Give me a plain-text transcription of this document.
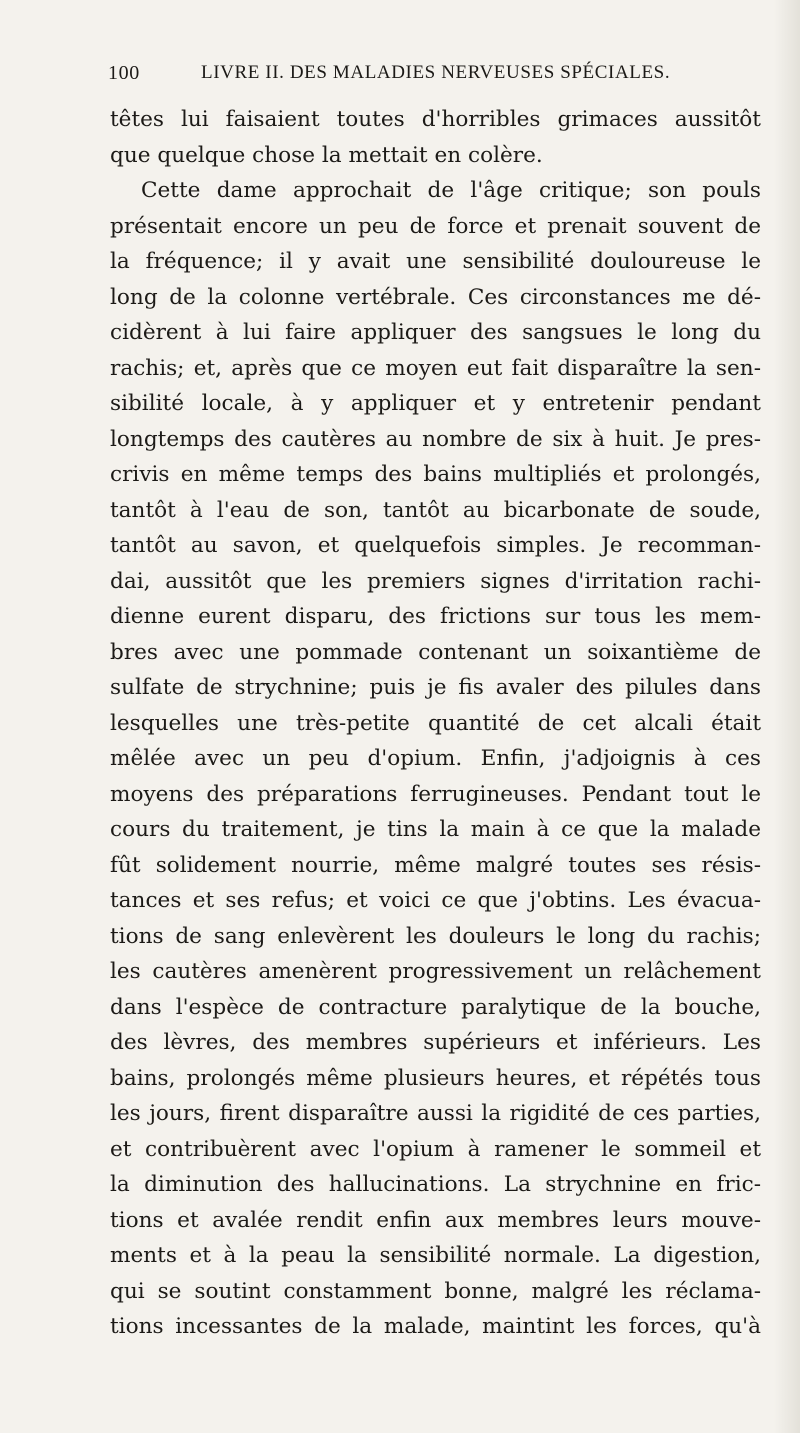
100	LIVRE II. DES MALADIES NERVEUSES SPÉCIALES.
têtes lui faisaient toutes d'horribles grimaces aussitôt
que quelque chose la mettait en colère.
Cette dame approchait de l'âge critique; son pouls
présentait encore un peu de force et prenait souvent de
la fréquence; il y avait une sensibilité douloureuse le
long de la colonne vertébrale. Ces circonstances me dé-
cidèrent à lui faire appliquer des sangsues le long du
rachis; et, après que ce moyen eut fait disparaître la sen-
sibilité locale, à y appliquer et y entretenir pendant
longtemps des cautères au nombre de six à huit. Je pres-
crivis en même temps des bains multipliés et prolongés,
tantôt à l'eau de son, tantôt au bicarbonate de soude,
tantôt au savon, et quelquefois simples. Je recomman-
dai, aussitôt que les premiers signes d'irritation rachi-
dienne eurent disparu, des frictions sur tous les mem-
bres avec une pommade contenant un soixantième de
sulfate de strychnine; puis je fis avaler des pilules dans
lesquelles une très-petite quantité de cet alcali était
mêlée avec un peu d'opium. Enfin, j'adjoignis à ces
moyens des préparations ferrugineuses. Pendant tout le
cours du traitement, je tins la main à ce que la malade
fût solidement nourrie, même malgré toutes ses résis-
tances et ses refus; et voici ce que j'obtins. Les évacua-
tions de sang enlevèrent les douleurs le long du rachis;
les cautères amenèrent progressivement un relâchement
dans l'espèce de contracture paralytique de la bouche,
des lèvres, des membres supérieurs et inférieurs. Les
bains, prolongés même plusieurs heures, et répétés tous
les jours, firent disparaître aussi la rigidité de ces parties,
et contribuèrent avec l'opium à ramener le sommeil et
la diminution des hallucinations. La strychnine en fric-
tions et avalée rendit enfin aux membres leurs mouve-
ments et à la peau la sensibilité normale. La digestion,
qui se soutint constamment bonne, malgré les réclama-
tions incessantes de la malade, maintint les forces, qu'à
